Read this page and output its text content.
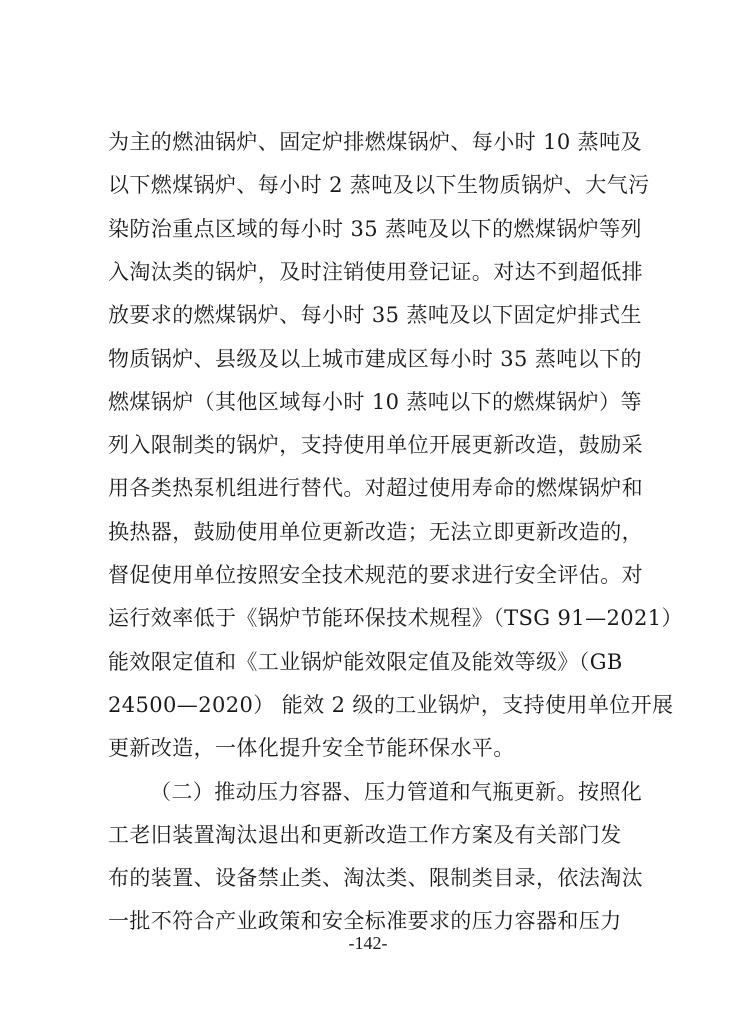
为主的燃油锅炉、固定炉排燃煤锅炉、每小时 10 蒸吨及
以下燃煤锅炉、每小时 2 蒸吨及以下生物质锅炉、大气污
染防治重点区域的每小时 35 蒸吨及以下的燃煤锅炉等列
入淘汰类的锅炉，及时注销使用登记证。对达不到超低排
放要求的燃煤锅炉、每小时 35 蒸吨及以下固定炉排式生
物质锅炉、县级及以上城市建成区每小时 35 蒸吨以下的
燃煤锅炉（其他区域每小时 10 蒸吨以下的燃煤锅炉）等
列入限制类的锅炉，支持使用单位开展更新改造，鼓励采
用各类热泵机组进行替代。对超过使用寿命的燃煤锅炉和
换热器，鼓励使用单位更新改造；无法立即更新改造的，
督促使用单位按照安全技术规范的要求进行安全评估。对
运行效率低于《锅炉节能环保技术规程》（TSG 91—2021）
能效限定值和《工业锅炉能效限定值及能效等级》（GB
24500—2020） 能效 2 级的工业锅炉，支持使用单位开展
更新改造，一体化提升安全节能环保水平。
（二）推动压力容器、压力管道和气瓶更新。按照化
工老旧装置淘汰退出和更新改造工作方案及有关部门发
布的装置、设备禁止类、淘汰类、限制类目录，依法淘汰
一批不符合产业政策和安全标准要求的压力容器和压力
-142-
